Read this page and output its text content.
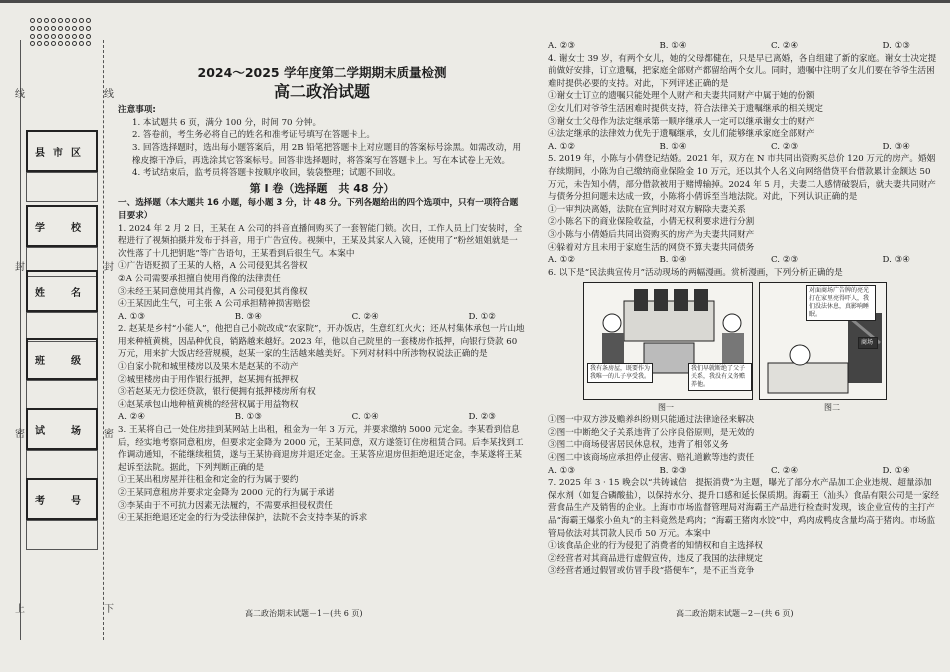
线	线
封	封
密	密
上	下
县市区
学　校
姓　名
班　级
试　场
考　号
2024～2025 学年度第二学期期末质量检测
高二政治试题

注意事项:

1. 本试题共 6 页，满分 100 分，时间 70 分钟。

2. 答卷前，考生务必将自己的姓名和准考证号填写在答题卡上。

3. 回答选择题时，选出每小题答案后，用 2B 铅笔把答题卡上对应题目的答案标号涂黑。如需改动，用橡皮擦干净后，再选涂其它答案标号。回答非选择题时，将答案写在答题卡上。写在本试卷上无效。

4. 考试结束后，监考员将答题卡按顺序收回，装袋整理；试题不回收。

第 Ⅰ 卷（选择题　共 48 分）

一、选择题（本大题共 16 小题，每小题 3 分，计 48 分。下列各题给出的四个选项中，只有一项符合题目要求）

1. 2024 年 2 月 2 日，王某在 A 公司的抖音直播间购买了一套智能门锁。次日，工作人员上门安装时，全程进行了视频拍摄并发布于抖音，用于广告宣传。视频中，王某及其家人入镜，还使用了“粉丝姐姐就是一次性落了十几把钥匙”等广告语句，王某看到后很生气。本案中

①广告语贬损了王某的人格，A 公司侵犯其名誉权

②A 公司需要承担擅自使用肖像的法律责任

③未经王某同意使用其肖像，A 公司侵犯其肖像权

④王某因此生气，可主张 A 公司承担精神损害赔偿

A. ①③	B. ③④	C. ②④	D. ①②

2. 赵某是乡村“小能人”，他把自己小院改成“农家院”，开办饭店，生意红红火火；还从村集体承包一片山地用来种植黄桃，因品种优良，销路越来越好。2023 年，他以自己院里的一套楼房作抵押，向银行贷款 60 万元，用来扩大饭店经营规模，赵某一家的生活越来越美好。下列对材料中所涉物权说法正确的是

①自家小院和城里楼房以及果木是赵某的不动产

②城里楼房由于用作银行抵押，赵某拥有抵押权

③若赵某无力偿还贷款，银行便拥有抵押楼房所有权

④赵某承包山地种植黄桃的经营权属于用益物权

A. ②④	B. ①③	C. ①④	D. ②③

3. 王某将自己一处住房挂到某网站上出租，租金为一年 3 万元，并要求缴纳 5000 元定金。李某看到信息后，经实地考察同意租房，但要求定金降为 2000 元，王某同意，双方遂签订住房租赁合同。后李某找到工作调动通知，不能继续租赁，遂与王某协商退房并退还定金。王某答应退房但拒绝退还定金，李某遂将王某起诉至法院。据此，下列判断正确的是

①王某出租房屋并往租金和定金的行为属于要约

②王某同意租房并要求定金降为 2000 元的行为属于承诺

③李某由于不可抗力因素无法履约，不需要承担侵权责任

④王某拒绝退还定金的行为受法律保护，法院不会支持李某的诉求

高二政治期末试题－1－(共 6 页)
A. ②③	B. ①④	C. ②④	D. ①③

4. 谢女士 39 岁，有两个女儿，她的父母都健在，只是早已离婚，各自组建了新的家庭。谢女士决定提前做好安排，订立遗嘱，把家庭全部财产都留给两个女儿。同时，遗嘱中注明了女儿们要在爷爷生活困难时提供必要的支持。对此，下列评述正确的是

①谢女士订立的遗嘱只能处理个人财产和夫妻共同财产中属于她的份额

②女儿们对爷爷生活困难时提供支持，符合法律关于遗嘱继承的相关规定

③谢女士父母作为法定继承第一顺序继承人一定可以继承谢女士的财产

④法定继承的法律效力优先于遗嘱继承，女儿们能够继承家庭全部财产

A. ①②	B. ①④	C. ②③	D. ③④

5. 2019 年，小陈与小倩登记结婚。2021 年，双方在 N 市共同出资购买总价 120 万元的房产。婚姻存续期间，小陈为自己缴纳商业保险金 10 万元，还以其个人名义向网络借贷平台借款累计金额达 50 万元，未告知小倩，部分借款被用于赌博输掉。2024 年 5 月，夫妻二人感情破裂后，就夫妻共同财产与债务分担问题未达成一致，小陈将小倩诉至当地法院。对此，下列认识正确的是

①一审判决离婚，法院在宣判时对双方解除夫妻关系

②小陈名下的商业保险收益，小倩无权利要求进行分割

③小陈与小倩婚后共同出资购买的房产为夫妻共同财产

④躲着对方且未用于家庭生活的网贷不算夫妻共同债务

A. ①②	B. ①④	C. ②③	D. ③④

6. 以下是“民法典宣传月”活动现场的两幅漫画。赏析漫画，下列分析正确的是

我有条房屋，既要作为我唯一的儿子享受我。
我们早就断绝了父子关系，我没有义务赡养他。
对面商场广告牌的亮光打在家里亮得吓人，我们没法休息，真影响睡眠。
商场
图一	图二

①图一中双方涉及赡养纠纷则只能通过法律途径来解决

②图一中断绝父子关系违背了公序良俗原则，是无效的

③图二中商场侵害居民休息权，违背了相邻义务

④图二中该商场应承担停止侵害、赔礼道歉等违约责任

A. ①③	B. ②③	C. ②④	D. ①④

7. 2025 年 3 · 15 晚会以“共铸诚信　提振消费”为主题，曝光了部分水产品加工企业违规、超量添加保水剂（如复合磷酸盐），以保持水分、提升口感和延长保质期。海霸王（汕头）食品有限公司是一家经营食品生产及销售的企业。上海市市场监督管理局对海霸王产品进行检查时发现，该企业宣传的主打产品“海霸王爆浆小鱼丸”的主料竟然是鸡肉；“海霸王猪肉水饺”中，鸡肉成鸭皮含量均高于猪肉。市场监管局依法对其罚款人民币 50 万元。本案中

①该食品企业的行为侵犯了消费者的知情权和自主选择权

②经营者对其商品进行虚假宣传，违反了我国的法律规定

③经营者通过假冒或仿冒手段“搭便车”，是不正当竞争

高二政治期末试题－2－(共 6 页)
